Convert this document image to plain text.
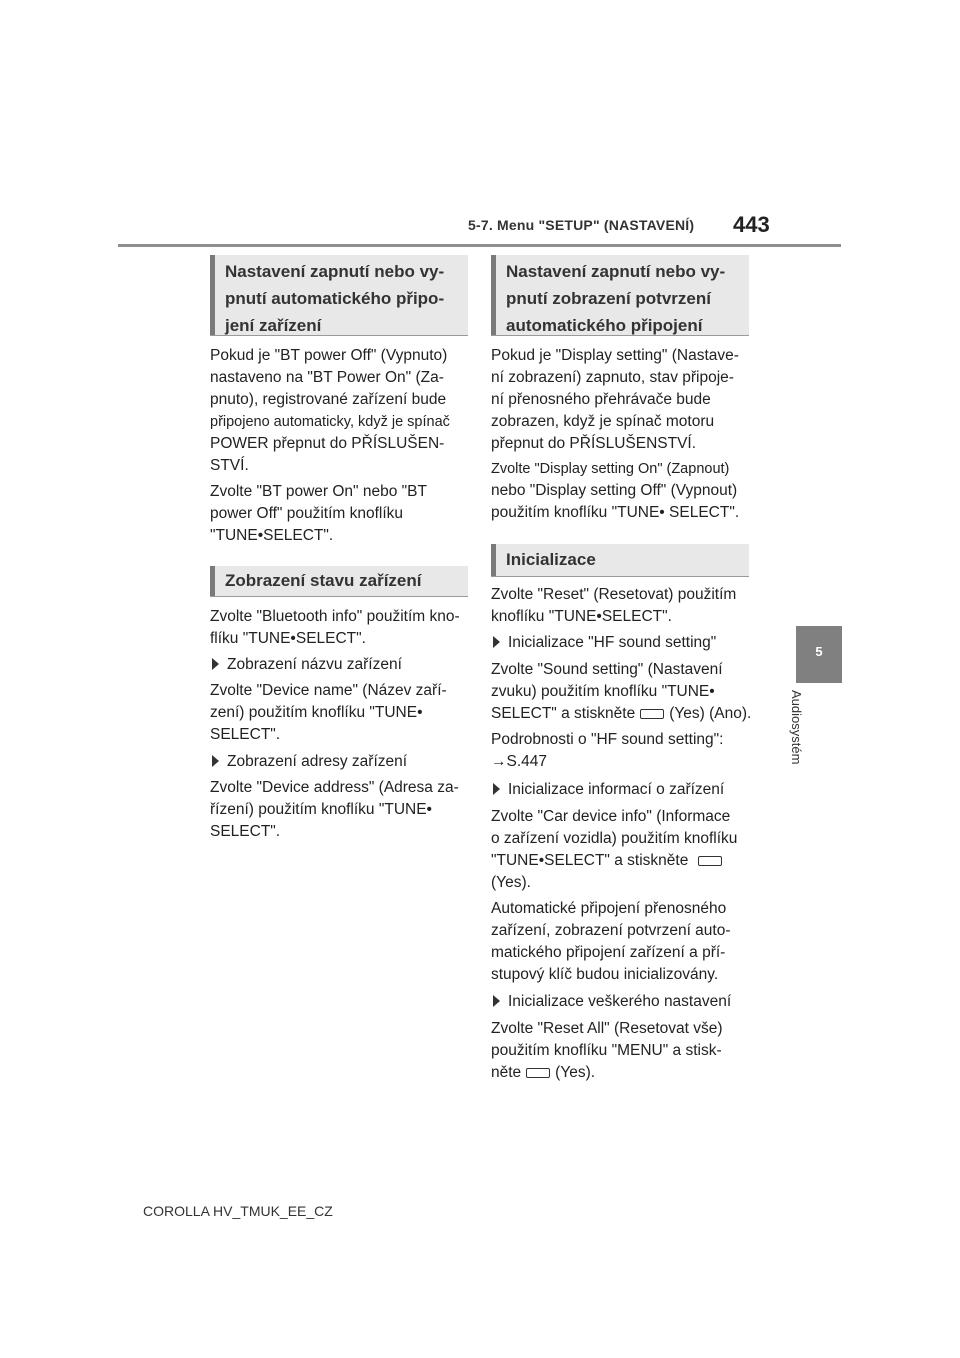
5-7. Menu "SETUP" (NASTAVENÍ) 443
5
Audiosystém
Nastavení zapnutí nebo vy-
pnutí automatického připo-
jení zařízení
Pokud je "BT power Off" (Vypnuto)
nastaveno na "BT Power On" (Za-
pnuto), registrované zařízení bude
připojeno automaticky, když je spínač
POWER přepnut do PŘÍSLUŠEN-
STVÍ.
Zvolte "BT power On" nebo "BT
power Off" použitím knoflíku
"TUNE•SELECT".
Zobrazení stavu zařízení
Zvolte "Bluetooth info" použitím kno-
flíku "TUNE•SELECT".
Zobrazení názvu zařízení
Zvolte "Device name" (Název zaří-
zení) použitím knoflíku "TUNE•
SELECT".
Zobrazení adresy zařízení
Zvolte "Device address" (Adresa za-
řízení) použitím knoflíku "TUNE•
SELECT".
Nastavení zapnutí nebo vy-
pnutí zobrazení potvrzení
automatického připojení
Pokud je "Display setting" (Nastave-
ní zobrazení) zapnuto, stav připoje-
ní přenosného přehrávače bude
zobrazen, když je spínač motoru
přepnut do PŘÍSLUŠENSTVÍ.
Zvolte "Display setting On" (Zapnout)
nebo "Display setting Off" (Vypnout)
použitím knoflíku "TUNE• SELECT".
Inicializace
Zvolte "Reset" (Resetovat) použitím
knoflíku "TUNE•SELECT".
Inicializace "HF sound setting"
Zvolte "Sound setting" (Nastavení
zvuku) použitím knoflíku "TUNE•
SELECT" a stiskněte (Yes) (Ano).
Podrobnosti o "HF sound setting":
→S.447
Inicializace informací o zařízení
Zvolte "Car device info" (Informace
o zařízení vozidla) použitím knoflíku
"TUNE•SELECT" a stiskněte
(Yes).
Automatické připojení přenosného
zařízení, zobrazení potvrzení auto-
matického připojení zařízení a pří-
stupový klíč budou inicializovány.
Inicializace veškerého nastavení
Zvolte "Reset All" (Resetovat vše)
použitím knoflíku "MENU" a stisk-
něte (Yes).
COROLLA HV_TMUK_EE_CZ
